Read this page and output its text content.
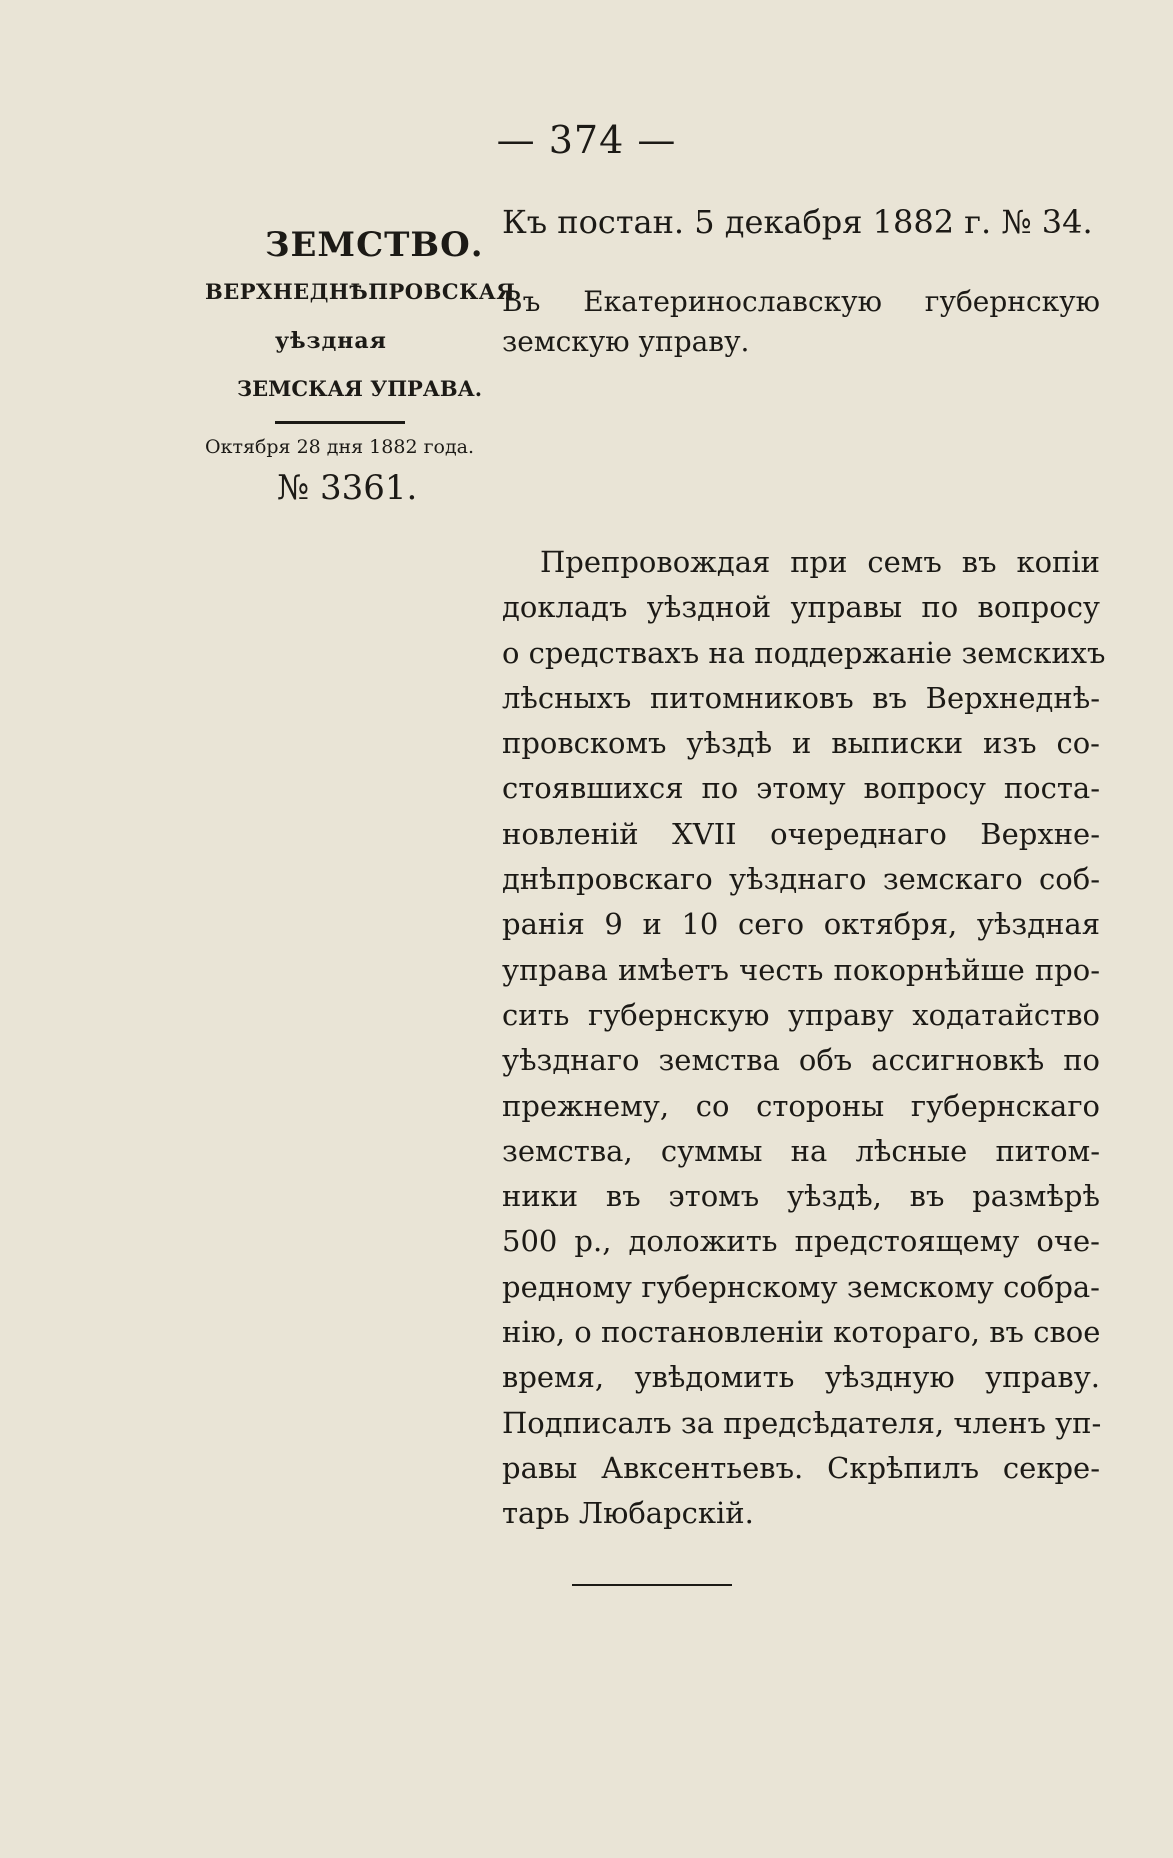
— 374 —
Къ постан. 5 декабря 1882 г. № 34.
ЗЕМСТВО.
ВЕРХНЕДНѢПРОВСКАЯ
уѣздная
ЗЕМСКАЯ УПРАВА.
Октября 28 дня 1882 года.
№ 3361.
Въ Екатеринославскую губернскую
земскую управу.
Препровождая при семъ въ копіи
докладъ уѣздной управы по вопросу
о средствахъ на поддержаніе земскихъ
лѣсныхъ питомниковъ въ Верхнеднѣ-
провскомъ уѣздѣ и выписки изъ со-
стоявшихся по этому вопросу поста-
новленій XVII очереднаго Верхне-
днѣпровскаго уѣзднаго земскаго соб-
ранія 9 и 10 сего октября, уѣздная
управа имѣетъ честь покорнѣйше про-
сить губернскую управу ходатайство
уѣзднаго земства объ ассигновкѣ по
прежнему, со стороны губернскаго
земства, суммы на лѣсные питом-
ники въ этомъ уѣздѣ, въ размѣрѣ
500 р., доложить предстоящему оче-
редному губернскому земскому собра-
нію, о постановленіи котораго, въ свое
время, увѣдомить уѣздную управу.
Подписалъ за предсѣдателя, членъ уп-
равы Авксентьевъ. Скрѣпилъ секре-
тарь Любарскій.
